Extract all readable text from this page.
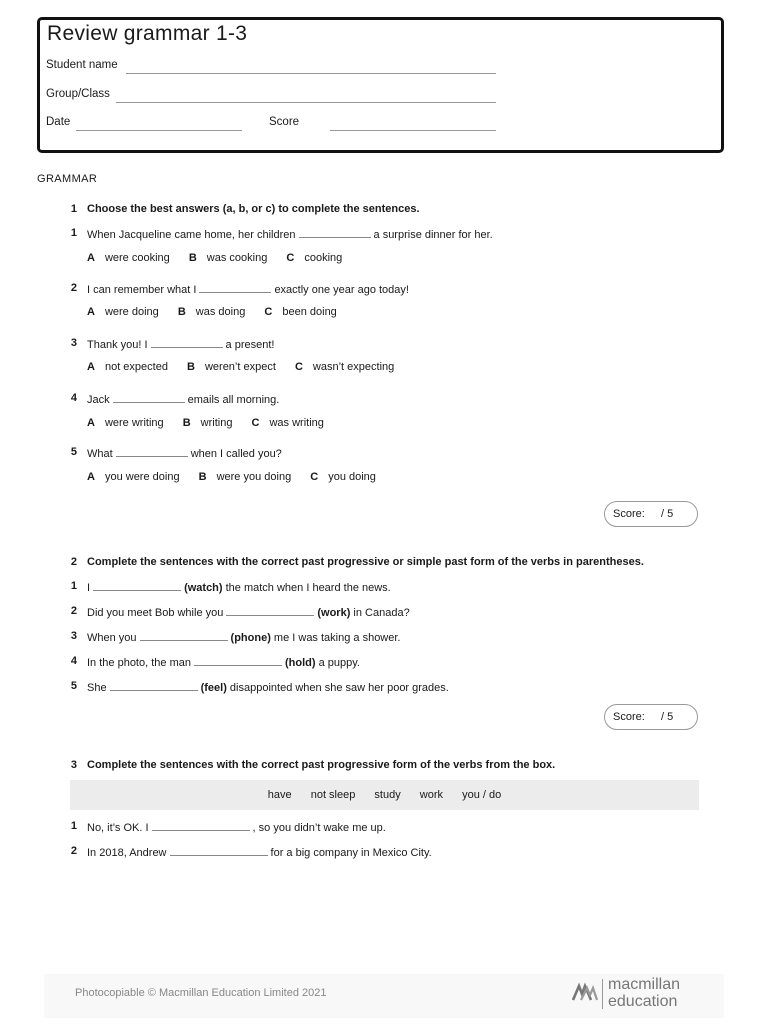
Review grammar 1-3
Student name
Group/Class
Date	Score
GRAMMAR
1 Choose the best answers (a, b, or c) to complete the sentences.
1 When Jacqueline came home, her children	a surprise dinner for her.
A were cooking B was cooking C cooking
2 I can remember what I	exactly one year ago today!
A were doing B was doing C been doing
3 Thank you! I	a present!
A not expected B weren’t expect C wasn’t expecting
4 Jack	emails all morning.
A were writing B writing C was writing
5 What	when I called you?
A you were doing B were you doing C you doing
Score: / 5
2 Complete the sentences with the correct past progressive or simple past form of the verbs in parentheses.
1 I	(watch) the match when I heard the news.
2 Did you meet Bob while you	(work) in Canada?
3 When you	(phone) me I was taking a shower.
4 In the photo, the man	(hold) a puppy.
5 She	(feel) disappointed when she saw her poor grades.
Score: / 5
3 Complete the sentences with the correct past progressive form of the verbs from the box.
have not sleep study work you / do
1 No, it’s OK. I	, so you didn’t wake me up.
2 In 2018, Andrew	for a big company in Mexico City.
Photocopiable © Macmillan Education Limited 2021	macmillan
education
